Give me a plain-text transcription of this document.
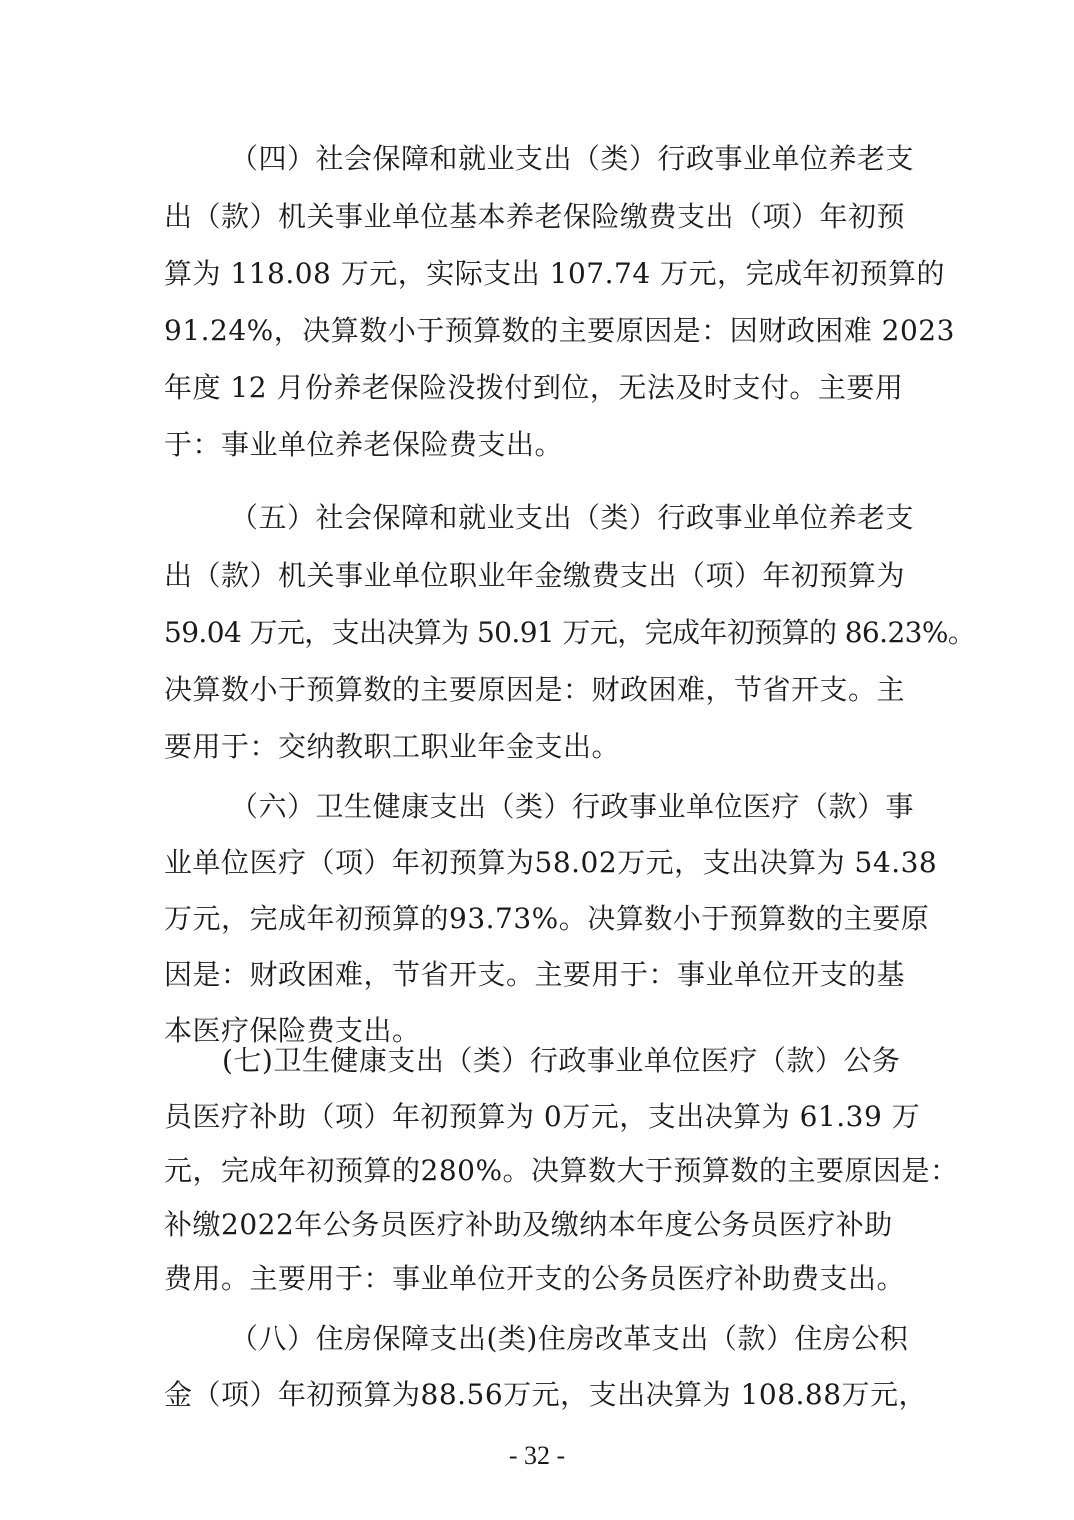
（四）社会保障和就业支出（类）行政事业单位养老支
出（款）机关事业单位基本养老保险缴费支出（项）年初预
算为 118.08 万元，实际支出 107.74 万元，完成年初预算的
91.24%，决算数小于预算数的主要原因是：因财政困难 2023
年度 12 月份养老保险没拨付到位，无法及时支付。主要用
于：事业单位养老保险费支出。
（五）社会保障和就业支出（类）行政事业单位养老支
出（款）机关事业单位职业年金缴费支出（项）年初预算为
59.04 万元，支出决算为 50.91 万元，完成年初预算的 86.23%。
决算数小于预算数的主要原因是：财政困难，节省开支。主
要用于：交纳教职工职业年金支出。
（六）卫生健康支出（类）行政事业单位医疗（款）事
业单位医疗（项）年初预算为58.02万元，支出决算为 54.38
万元，完成年初预算的93.73%。决算数小于预算数的主要原
因是：财政困难，节省开支。主要用于：事业单位开支的基
本医疗保险费支出。
(七)卫生健康支出（类）行政事业单位医疗（款）公务
员医疗补助（项）年初预算为 0万元，支出决算为 61.39 万
元，完成年初预算的280%。决算数大于预算数的主要原因是：
补缴2022年公务员医疗补助及缴纳本年度公务员医疗补助
费用。主要用于：事业单位开支的公务员医疗补助费支出。
（八）住房保障支出(类)住房改革支出（款）住房公积
金（项）年初预算为88.56万元，支出决算为 108.88万元，
- 32 -
